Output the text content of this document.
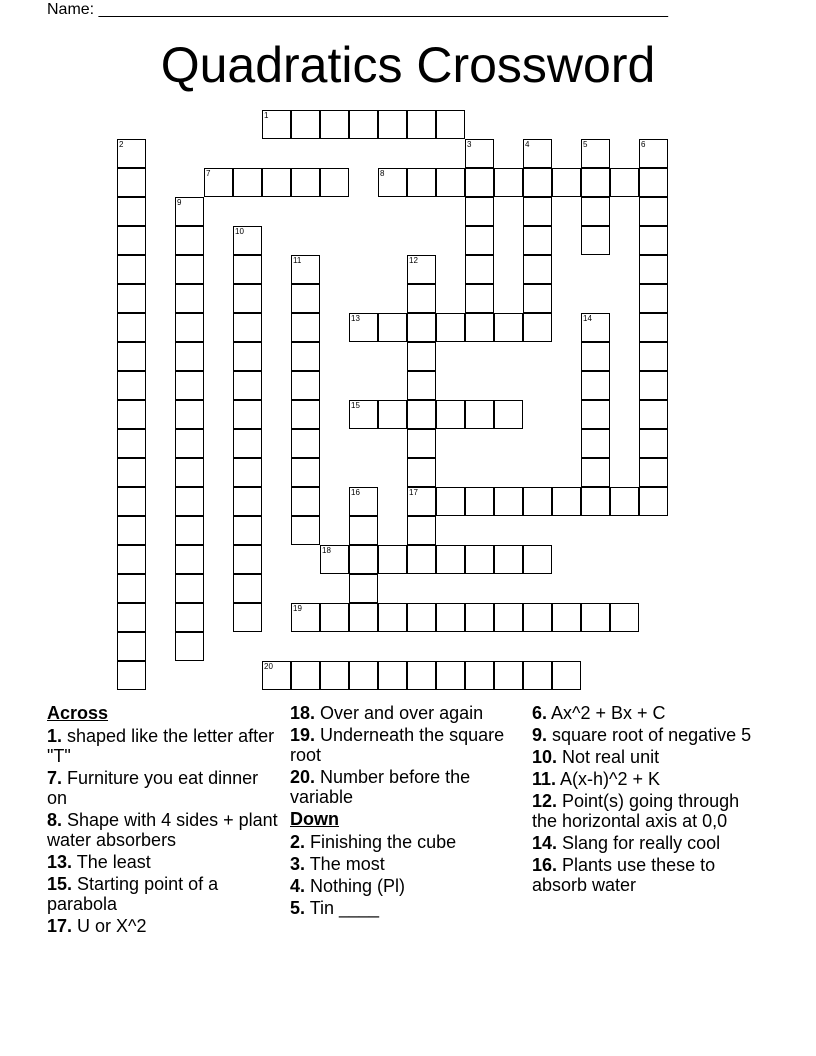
Name: ________________________________________________________________
Quadratics Crossword
1
2	3	4	5	6
7	8
9
10
11	12
17
13	14
15
16
18
19
20
Across
1. shaped like the letter after "T"
7. Furniture you eat dinner on
8. Shape with 4 sides + plant water absorbers
13. The least
15. Starting point of a parabola
17. U or X^2
18. Over and over again
19. Underneath the square root
20. Number before the variable
Down
2. Finishing the cube
3. The most
4. Nothing (Pl)
5. Tin ____
6. Ax^2 + Bx + C
9. square root of negative 5
10. Not real unit
11. A(x-h)^2 + K
12. Point(s) going through the horizontal axis at 0,0
14. Slang for really cool
16. Plants use these to absorb water
